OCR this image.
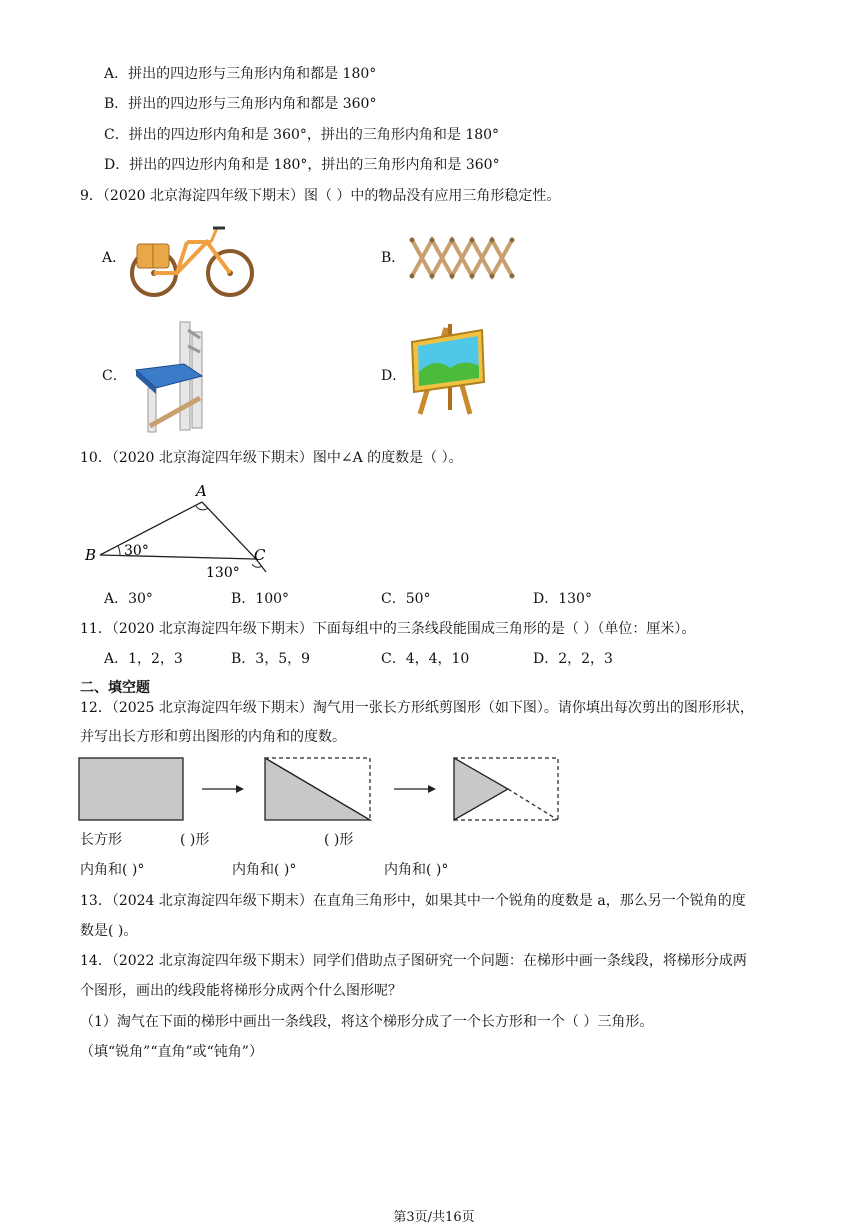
A．拼出的四边形与三角形内角和都是 180°
B．拼出的四边形与三角形内角和都是 360°
C．拼出的四边形内角和是 360°，拼出的三角形内角和是 180°
D．拼出的四边形内角和是 180°，拼出的三角形内角和是 360°
9．（2020 北京海淀四年级下期末）图（ ）中的物品没有应用三角形稳定性。
A．	B．
C．	D．
10．（2020 北京海淀四年级下期末）图中∠A 的度数是（ ）。
A
B	C
30°
130°
A．30°	B．100°	C．50°	D．130°
11．（2020 北京海淀四年级下期末）下面每组中的三条线段能围成三角形的是（ ）（单位：厘米）。
A．1，2，3	B．3，5，9	C．4，4，10	D．2，2，3
二、填空题
12．（2025 北京海淀四年级下期末）淘气用一张长方形纸剪图形（如下图）。请你填出每次剪出的图形形状，
并写出长方形和剪出图形的内角和的度数。
长方形	( )形	( )形
内角和( )°	内角和( )°	内角和( )°
13．（2024 北京海淀四年级下期末）在直角三角形中，如果其中一个锐角的度数是 a，那么另一个锐角的度
数是( )。
14．（2022 北京海淀四年级下期末）同学们借助点子图研究一个问题：在梯形中画一条线段，将梯形分成两
个图形，画出的线段能将梯形分成两个什么图形呢？
（1）淘气在下面的梯形中画出一条线段，将这个梯形分成了一个长方形和一个（ ）三角形。
（填“锐角”“直角”或“钝角”）
第3页/共16页
